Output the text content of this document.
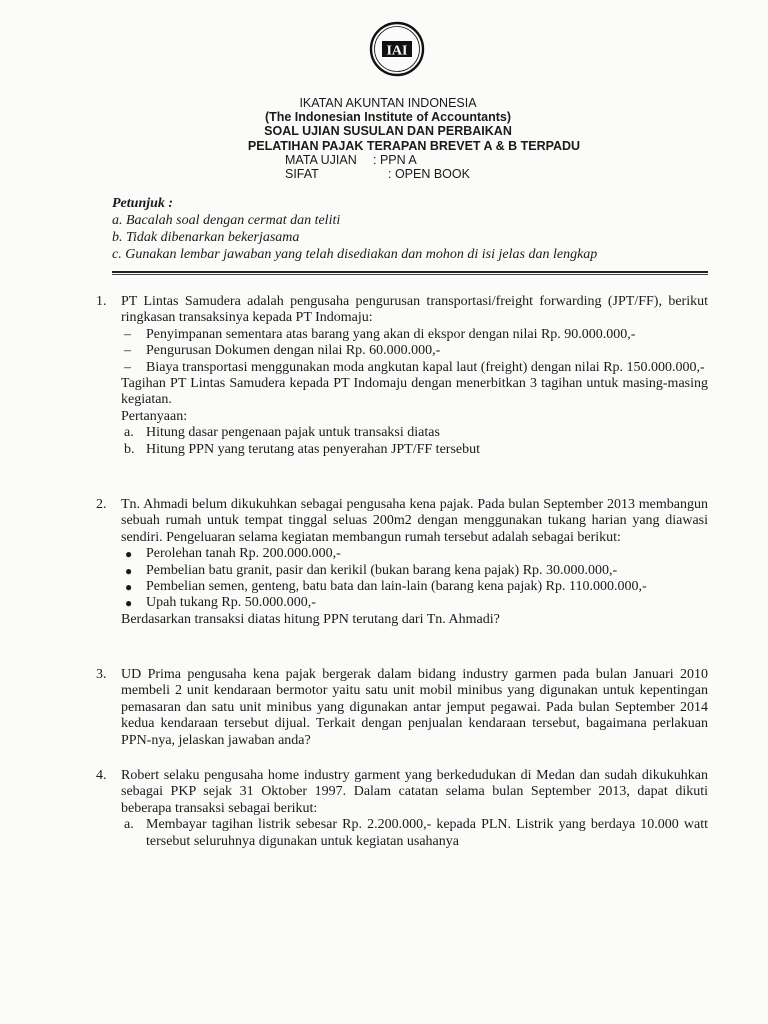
IAI
IKATAN AKUNTAN INDONESIA
(The Indonesian Institute of Accountants)
SOAL UJIAN SUSULAN DAN PERBAIKAN
PELATIHAN PAJAK TERAPAN BREVET A & B TERPADU
MATA UJIAN : PPN A
SIFAT	: OPEN BOOK
Petunjuk :
a. Bacalah soal dengan cermat dan teliti
b. Tidak dibenarkan bekerjasama
c. Gunakan lembar jawaban yang telah disediakan dan mohon di isi jelas dan lengkap
1.	PT Lintas Samudera adalah pengusaha pengurusan transportasi/freight forwarding (JPT/FF), berikut ringkasan transaksinya kepada PT Indomaju:

– Penyimpanan sementara atas barang yang akan di ekspor dengan nilai Rp. 90.000.000,-
– Pengurusan Dokumen dengan nilai Rp. 60.000.000,-
– Biaya transportasi menggunakan moda angkutan kapal laut (freight) dengan nilai Rp. 150.000.000,-

Tagihan PT Lintas Samudera kepada PT Indomaju dengan menerbitkan 3 tagihan untuk masing-masing kegiatan.

Pertanyaan:

a. Hitung dasar pengenaan pajak untuk transaksi diatas
b. Hitung PPN yang terutang atas penyerahan JPT/FF tersebut
2.	Tn. Ahmadi belum dikukuhkan sebagai pengusaha kena pajak. Pada bulan September 2013 membangun sebuah rumah untuk tempat tinggal seluas 200m2 dengan menggunakan tukang harian yang diawasi sendiri. Pengeluaran selama kegiatan membangun rumah tersebut adalah sebagai berikut:

● Perolehan tanah Rp. 200.000.000,-
● Pembelian batu granit, pasir dan kerikil (bukan barang kena pajak) Rp. 30.000.000,-
● Pembelian semen, genteng, batu bata dan lain-lain (barang kena pajak) Rp. 110.000.000,-
● Upah tukang Rp. 50.000.000,-

Berdasarkan transaksi diatas hitung PPN terutang dari Tn. Ahmadi?

3.	UD Prima pengusaha kena pajak bergerak dalam bidang industry garmen pada bulan Januari 2010 membeli 2 unit kendaraan bermotor yaitu satu unit mobil minibus yang digunakan untuk kepentingan pemasaran dan satu unit minibus yang digunakan antar jemput pegawai. Pada bulan September 2014 kedua kendaraan tersebut dijual. Terkait dengan penjualan kendaraan tersebut, bagaimana perlakuan PPN-nya, jelaskan jawaban anda?

4.	Robert selaku pengusaha home industry garment yang berkedudukan di Medan dan sudah dikukuhkan sebagai PKP sejak 31 Oktober 1997. Dalam catatan selama bulan September 2013, dapat dikuti beberapa transaksi sebagai berikut:

a. Membayar tagihan listrik sebesar Rp. 2.200.000,- kepada PLN. Listrik yang berdaya 10.000 watt tersebut seluruhnya digunakan untuk kegiatan usahanya
